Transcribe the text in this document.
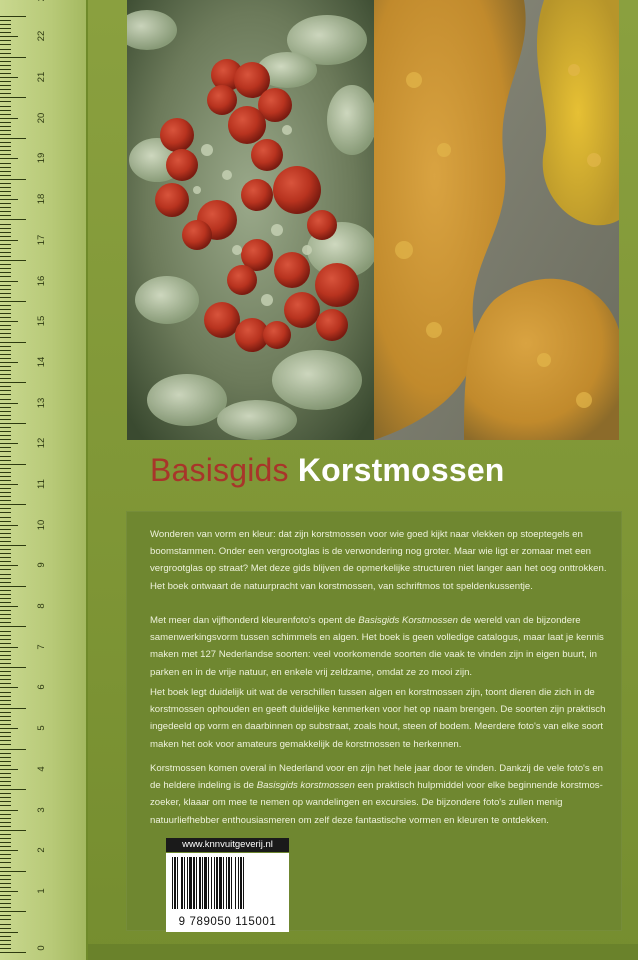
22
21
20
19
18
17
16
15
14
13
12
11
10
9
8
7
6
5
4
3
2
1
0
Basisgids Korstmossen

Wonderen van vorm en kleur: dat zijn korstmossen voor wie goed kijkt naar vlekken op stoeptegels en boomstammen. Onder een vergrootglas is de verwondering nog groter. Maar wie ligt er zomaar met een vergrootglas op straat? Met deze gids blijven de opmerkelijke structuren niet langer aan het oog onttrokken. Het boek ontwaart de natuurpracht van korstmossen, van schriftmos tot speldenkussentje.

Met meer dan vijfhonderd kleurenfoto's opent de Basisgids Korstmossen de wereld van de bijzondere samenwerkingsvorm tussen schimmels en algen. Het boek is geen volledige catalogus, maar laat je kennis maken met 127 Nederlandse soorten: veel voorkomende soorten die vaak te vinden zijn in eigen buurt, in parken en in de vrije natuur, en enkele vrij zeldzame, omdat ze zo mooi zijn.

Het boek legt duidelijk uit wat de verschillen tussen algen en korstmossen zijn, toont dieren die zich in de korstmossen ophouden en geeft duidelijke kenmerken voor het op naam brengen. De soorten zijn praktisch ingedeeld op vorm en daarbinnen op substraat, zoals hout, steen of bodem. Meerdere foto's van elke soort maken het ook voor amateurs gemakkelijk de korstmossen te herkennen.

Korstmossen komen overal in Nederland voor en zijn het hele jaar door te vinden. Dankzij de vele foto's en de heldere indeling is de Basisgids korstmossen een praktisch hulpmiddel voor elke beginnende korstmos-zoeker, klaaar om mee te nemen op wandelingen en excursies. De bijzondere foto's zullen menig natuurliefhebber enthousiasmeren om zelf deze fantastische vormen en kleuren te ontdekken.

www.knnvuitgeverij.nl
9 789050 115001
